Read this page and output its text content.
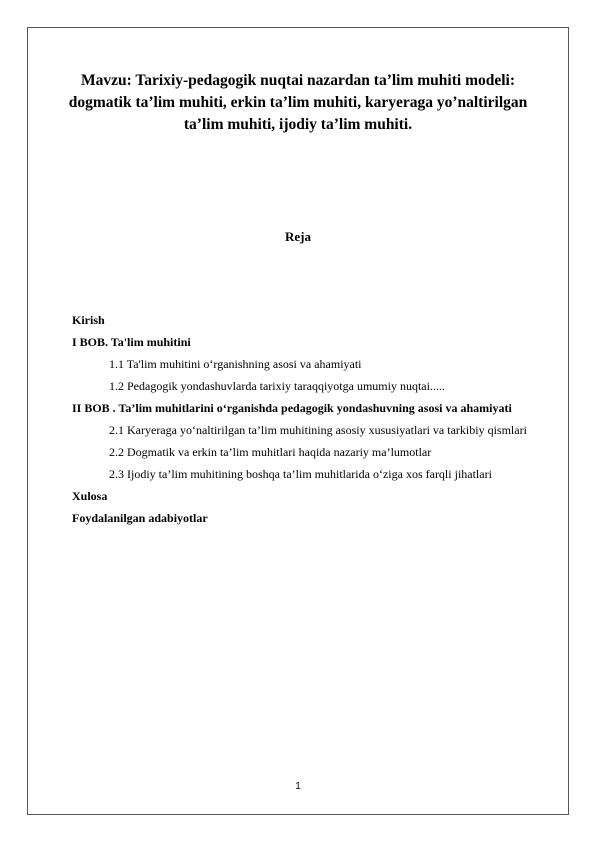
Mavzu: Tarixiy-pedagogik nuqtai nazardan ta’lim muhiti modeli: dogmatik ta’lim muhiti, erkin ta’lim muhiti, karyeraga yo’naltirilgan ta’lim muhiti, ijodiy ta’lim muhiti.
Reja
Kirish
I BOB. Ta'lim muhitini
1.1 Ta'lim muhitini o‘rganishning asosi va ahamiyati
1.2 Pedagogik yondashuvlarda tarixiy taraqqiyotga umumiy nuqtai.....
II BOB . Ta’lim muhitlarini o‘rganishda pedagogik yondashuvning asosi va ahamiyati
2.1 Karyeraga yo‘naltirilgan ta’lim muhitining asosiy xususiyatlari va tarkibiy qismlari
2.2 Dogmatik va erkin ta’lim muhitlari haqida nazariy ma’lumotlar
2.3 Ijodiy ta’lim muhitining boshqa ta’lim muhitlarida o‘ziga xos farqli jihatlari
Xulosa
Foydalanilgan adabiyotlar

1
